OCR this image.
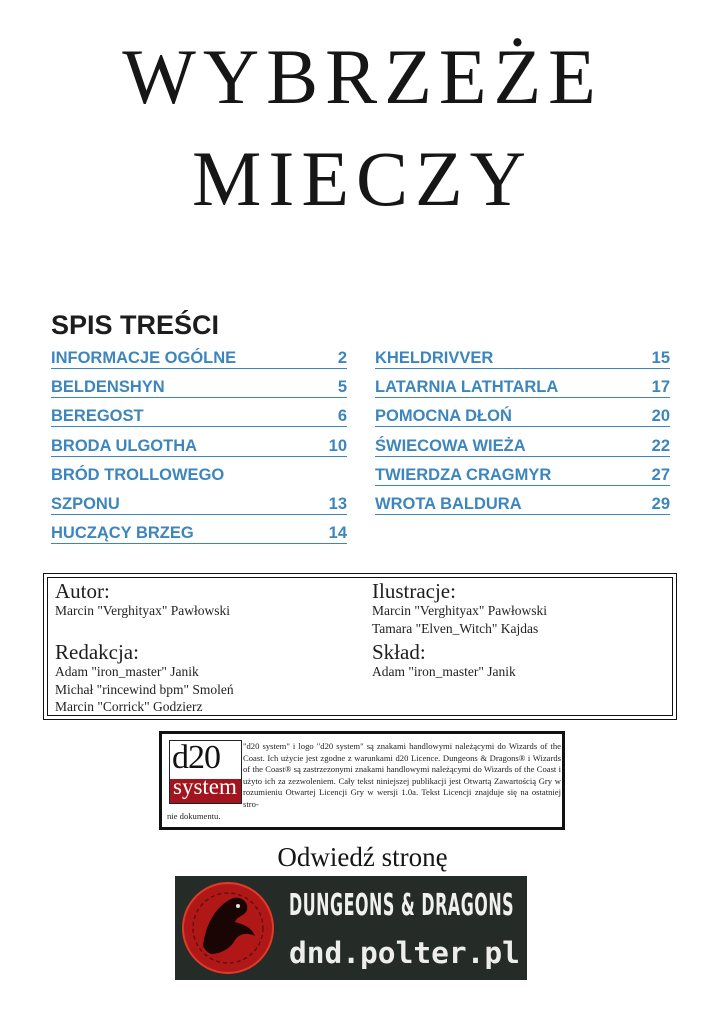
WYBRZEŻE
MIECZY
SPIS TREŚCI
INFORMACJE OGÓLNE	2
BELDENSHYN	5
BEREGOST	6
BRODA ULGOTHA	10
BRÓD TROLLOWEGO
SZPONU	13
HUCZĄCY BRZEG	14
KHELDRIVVER	15
LATARNIA LATHTARLA	17
POMOCNA DŁOŃ	20
ŚWIECOWA WIEŻA	22
TWIERDZA CRAGMYR	27
WROTA BALDURA	29
Autor:
Marcin "Verghityax" Pawłowski
Ilustracje:
Marcin "Verghityax" Pawłowski
Tamara "Elven_Witch" Kajdas
Redakcja:
Adam "iron_master" Janik
Michał "rincewind bpm" Smoleń
Marcin "Corrick" Godzierz
Skład:
Adam "iron_master" Janik
d20
system
"d20 system" i logo "d20 system" są znakami handlowymi należącymi do Wizards of the Coast. Ich użycie jest zgodne z warunkami d20 Licence. Dungeons & Dragons® i Wizards of the Coast® są zastrzezonymi znakami handlowymi należącymi do Wizards of the Coast i użyto ich za zezwoleniem. Cały tekst niniejszej publikacji jest Otwartą Zawartością Gry w rozumieniu Otwartej Licencji Gry w wersji 1.0a. Tekst Licencji znajduje się na ostatniej stro-
nie dokumentu.
Odwiedź stronę
DUNGEONS & DRAGONS
dnd.polter.pl
